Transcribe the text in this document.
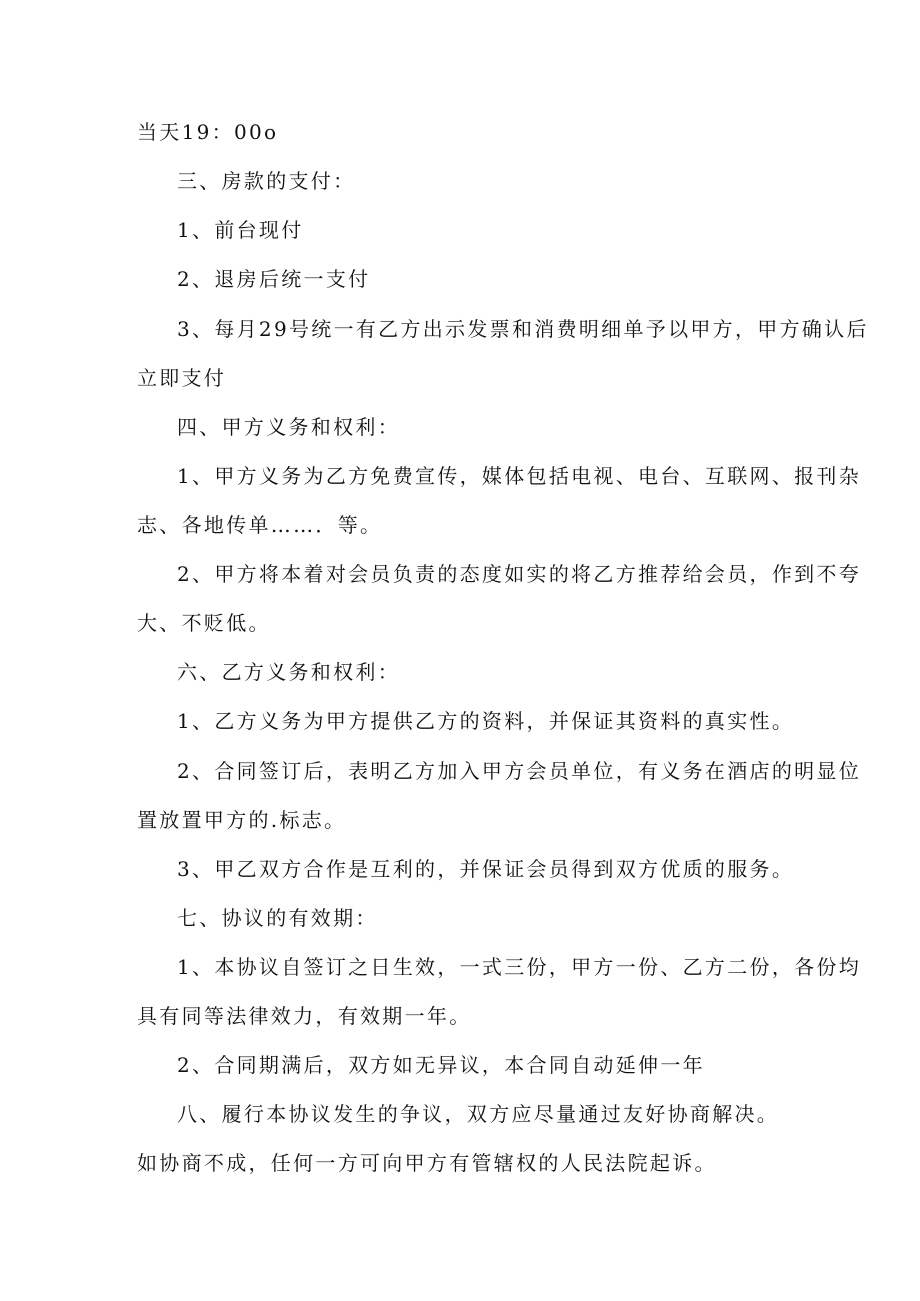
当天19：00o
三、房款的支付：
1、前台现付
2、退房后统一支付
3、每月29号统一有乙方出示发票和消费明细单予以甲方，甲方确认后
立即支付
四、甲方义务和权利：
1、甲方义务为乙方免费宣传，媒体包括电视、电台、互联网、报刊杂
志、各地传单……．等。
2、甲方将本着对会员负责的态度如实的将乙方推荐给会员，作到不夸
大、不贬低。
六、乙方义务和权利：
1、乙方义务为甲方提供乙方的资料，并保证其资料的真实性。
2、合同签订后，表明乙方加入甲方会员单位，有义务在酒店的明显位
置放置甲方的.标志。
3、甲乙双方合作是互利的，并保证会员得到双方优质的服务。
七、协议的有效期：
1、本协议自签订之日生效，一式三份，甲方一份、乙方二份，各份均
具有同等法律效力，有效期一年。
2、合同期满后，双方如无异议，本合同自动延伸一年
八、履行本协议发生的争议，双方应尽量通过友好协商解决。
如协商不成，任何一方可向甲方有管辖权的人民法院起诉。
